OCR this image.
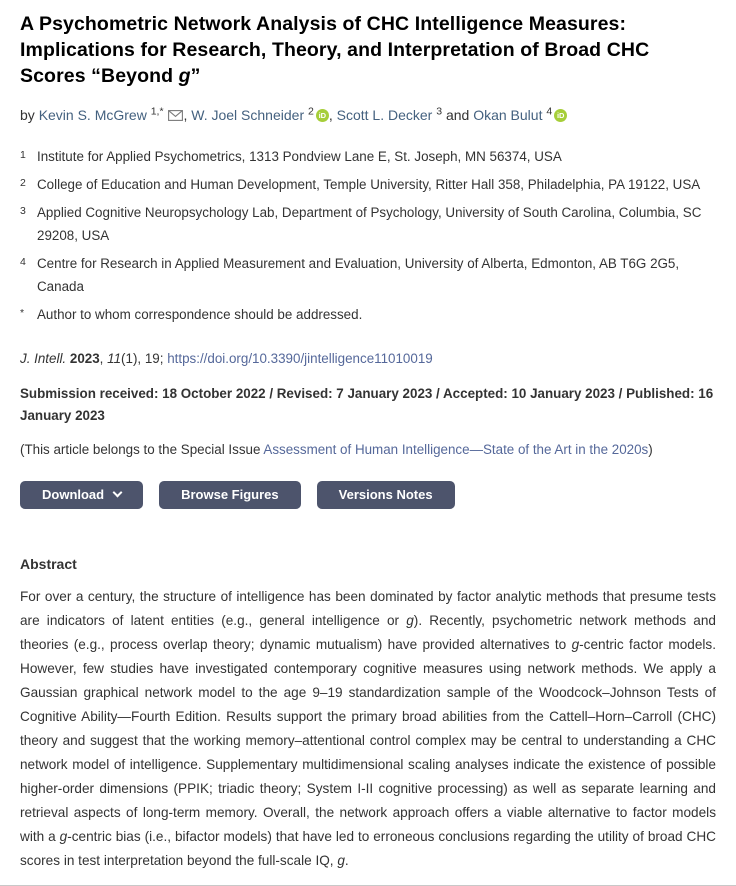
A Psychometric Network Analysis of CHC Intelligence Measures: Implications for Research, Theory, and Interpretation of Broad CHC Scores “Beyond g”

by Kevin S. McGrew $^{1,*}$ , W. Joel Schneider $^2$ iD , Scott L. Decker $^3$ and Okan Bulut $^4$ iD

1 Institute for Applied Psychometrics, 1313 Pondview Lane E, St. Joseph, MN 56374, USA
2 College of Education and Human Development, Temple University, Ritter Hall 358, Philadelphia, PA 19122, USA
3 Applied Cognitive Neuropsychology Lab, Department of Psychology, University of South Carolina, Columbia, SC 29208, USA
4 Centre for Research in Applied Measurement and Evaluation, University of Alberta, Edmonton, AB T6G 2G5, Canada
* Author to whom correspondence should be addressed.

J. Intell. 2023, 11(1), 19; https://doi.org/10.3390/jintelligence11010019

Submission received: 18 October 2022 / Revised: 7 January 2023 / Accepted: 10 January 2023 / Published: 16 January 2023

(This article belongs to the Special Issue Assessment of Human Intelligence—State of the Art in the 2020s)

Download	Browse Figures	Versions Notes
Abstract

For over a century, the structure of intelligence has been dominated by factor analytic methods that presume tests are indicators of latent entities (e.g., general intelligence or g). Recently, psychometric network methods and theories (e.g., process overlap theory; dynamic mutualism) have provided alternatives to g-centric factor models. However, few studies have investigated contemporary cognitive measures using network methods. We apply a Gaussian graphical network model to the age 9–19 standardization sample of the Woodcock–Johnson Tests of Cognitive Ability—Fourth Edition. Results support the primary broad abilities from the Cattell–Horn–Carroll (CHC) theory and suggest that the working memory–attentional control complex may be central to understanding a CHC network model of intelligence. Supplementary multidimensional scaling analyses indicate the existence of possible higher-order dimensions (PPIK; triadic theory; System I-II cognitive processing) as well as separate learning and retrieval aspects of long-term memory. Overall, the network approach offers a viable alternative to factor models with a g-centric bias (i.e., bifactor models) that have led to erroneous conclusions regarding the utility of broad CHC scores in test interpretation beyond the full-scale IQ, g.
